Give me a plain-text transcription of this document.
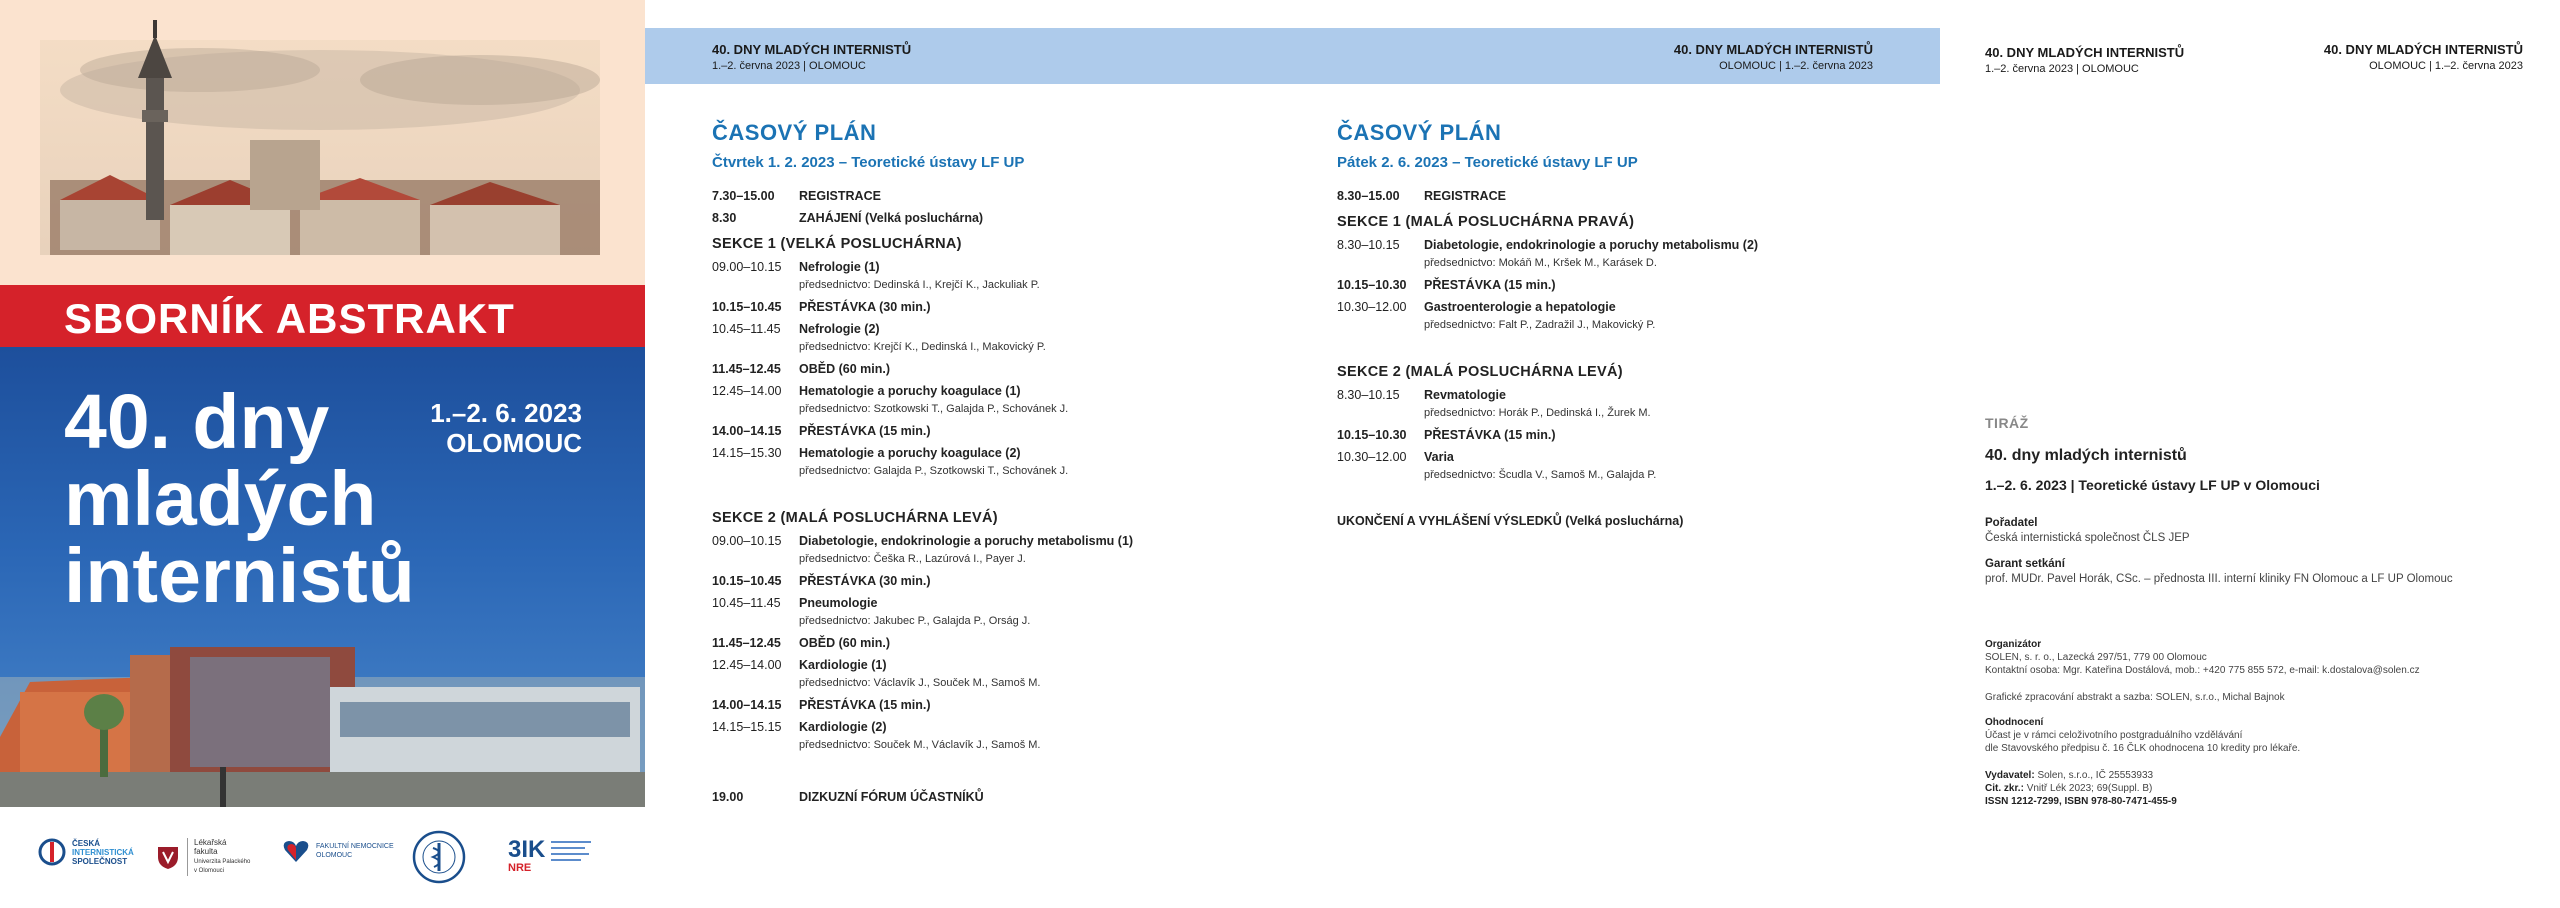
SBORNÍK ABSTRAKT
40. dny
mladých
internistů
1.–2. 6. 2023
OLOMOUC
ČESKÁ
INTERNISTICKÁ
SPOLEČNOST
Lékařská
fakulta
Univerzita Palackého
v Olomouci
FAKULTNÍ NEMOCNICE
OLOMOUC	3IK
NRE
40. DNY MLADÝCH INTERNISTŮ
1.–2. června 2023 | OLOMOUC
40. DNY MLADÝCH INTERNISTŮ
OLOMOUC | 1.–2. června 2023
40. DNY MLADÝCH INTERNISTŮ
1.–2. června 2023 | OLOMOUC
40. DNY MLADÝCH INTERNISTŮ
OLOMOUC | 1.–2. června 2023
ČASOVÝ PLÁN
Čtvrtek 1. 2. 2023 – Teoretické ústavy LF UP
7.30–15.00	REGISTRACE
8.30	ZAHÁJENÍ (Velká posluchárna)
SEKCE 1 (VELKÁ POSLUCHÁRNA)
09.00–10.15	Nefrologie (1)
předsednictvo: Dedinská I., Krejčí K., Jackuliak P.
10.15–10.45	PŘESTÁVKA (30 min.)
10.45–11.45	Nefrologie (2)
předsednictvo: Krejčí K., Dedinská I., Makovický P.
11.45–12.45	OBĚD (60 min.)
12.45–14.00	Hematologie a poruchy koagulace (1)
předsednictvo: Szotkowski T., Galajda P., Schovánek J.
14.00–14.15	PŘESTÁVKA (15 min.)
14.15–15.30	Hematologie a poruchy koagulace (2)
předsednictvo: Galajda P., Szotkowski T., Schovánek J.
SEKCE 2 (MALÁ POSLUCHÁRNA LEVÁ)
09.00–10.15	Diabetologie, endokrinologie a poruchy metabolismu (1)
předsednictvo: Češka R., Lazúrová I., Payer J.
10.15–10.45	PŘESTÁVKA (30 min.)
10.45–11.45	Pneumologie
předsednictvo: Jakubec P., Galajda P., Orság J.
11.45–12.45	OBĚD (60 min.)
12.45–14.00	Kardiologie (1)
předsednictvo: Václavík J., Souček M., Samoš M.
14.00–14.15	PŘESTÁVKA (15 min.)
14.15–15.15	Kardiologie (2)
předsednictvo: Souček M., Václavík J., Samoš M.
19.00	DIZKUZNÍ FÓRUM ÚČASTNÍKŮ
ČASOVÝ PLÁN
Pátek 2. 6. 2023 – Teoretické ústavy LF UP
8.30–15.00	REGISTRACE
SEKCE 1 (MALÁ POSLUCHÁRNA PRAVÁ)
8.30–10.15	Diabetologie, endokrinologie a poruchy metabolismu (2)
předsednictvo: Mokáň M., Kršek M., Karásek D.
10.15–10.30	PŘESTÁVKA (15 min.)
10.30–12.00	Gastroenterologie a hepatologie
předsednictvo: Falt P., Zadražil J., Makovický P.
SEKCE 2 (MALÁ POSLUCHÁRNA LEVÁ)
8.30–10.15	Revmatologie
předsednictvo: Horák P., Dedinská I., Žurek M.
10.15–10.30	PŘESTÁVKA (15 min.)
10.30–12.00	Varia
předsednictvo: Šcudla V., Samoš M., Galajda P.
UKONČENÍ A VYHLÁŠENÍ VÝSLEDKŮ (Velká posluchárna)
TIRÁŽ
40. dny mladých internistů
1.–2. 6. 2023 | Teoretické ústavy LF UP v Olomouci
Pořadatel
Česká internistická společnost ČLS JEP
Garant setkání
prof. MUDr. Pavel Horák, CSc. – přednosta III. interní kliniky FN Olomouc a LF UP Olomouc
Organizátor
SOLEN, s. r. o., Lazecká 297/51, 779 00 Olomouc
Kontaktní osoba: Mgr. Kateřina Dostálová, mob.: +420 775 855 572, e-mail: k.dostalova@solen.cz
Grafické zpracování abstrakt a sazba: SOLEN, s.r.o., Michal Bajnok
Ohodnocení
Účast je v rámci celoživotního postgraduálního vzdělávání
dle Stavovského předpisu č. 16 ČLK ohodnocena 10 kredity pro lékaře.
Vydavatel: Solen, s.r.o., IČ 25553933
Cit. zkr.: Vnitř Lék 2023; 69(Suppl. B)
ISSN 1212-7299, ISBN 978-80-7471-455-9
